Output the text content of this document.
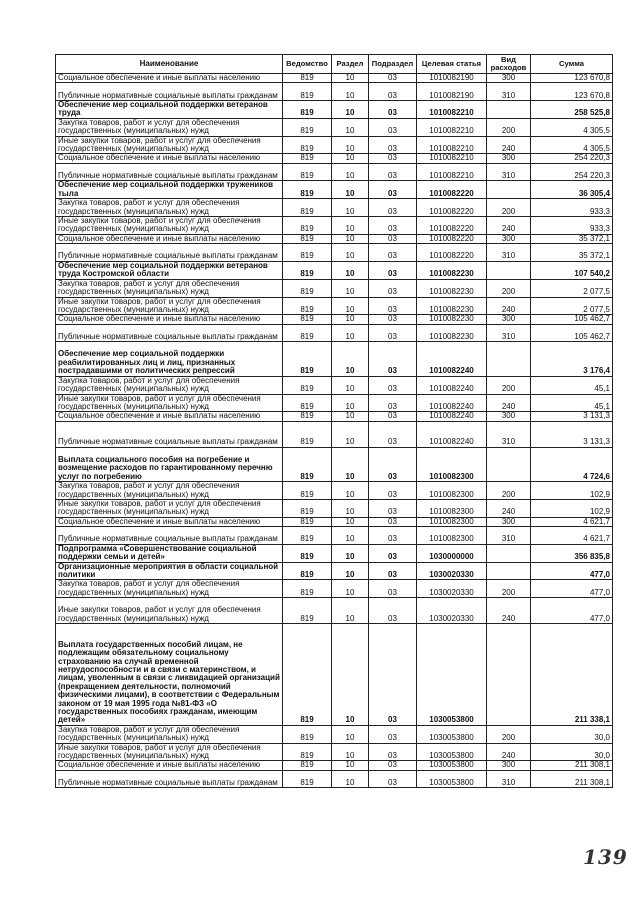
Наименование	Ведомство	Раздел	Подраздел	Целевая статья	Вид расходов	Сумма
Социальное обеспечение и иные выплаты населению	819	10	03	1010082190	300	123 670,8
Публичные нормативные социальные выплаты гражданам	819	10	03	1010082190	310	123 670,8
Обеспечение мер социальной поддержки ветеранов труда	819	10	03	1010082210		258 525,8
Закупка товаров, работ и услуг для обеспечения государственных (муниципальных) нужд	819	10	03	1010082210	200	4 305,5
Иные закупки товаров, работ и услуг для обеспечения государственных (муниципальных) нужд	819	10	03	1010082210	240	4 305,5
Социальное обеспечение и иные выплаты населению	819	10	03	1010082210	300	254 220,3
Публичные нормативные социальные выплаты гражданам	819	10	03	1010082210	310	254 220,3
Обеспечение мер социальной поддержки тружеников тыла	819	10	03	1010082220		36 305,4
Закупка товаров, работ и услуг для обеспечения государственных (муниципальных) нужд	819	10	03	1010082220	200	933,3
Иные закупки товаров, работ и услуг для обеспечения государственных (муниципальных) нужд	819	10	03	1010082220	240	933,3
Социальное обеспечение и иные выплаты населению	819	10	03	1010082220	300	35 372,1
Публичные нормативные социальные выплаты гражданам	819	10	03	1010082220	310	35 372,1
Обеспечение мер социальной поддержки ветеранов труда Костромской области	819	10	03	1010082230		107 540,2
Закупка товаров, работ и услуг для обеспечения государственных (муниципальных) нужд	819	10	03	1010082230	200	2 077,5
Иные закупки товаров, работ и услуг для обеспечения государственных (муниципальных) нужд	819	10	03	1010082230	240	2 077,5
Социальное обеспечение и иные выплаты населению	819	10	03	1010082230	300	105 462,7
Публичные нормативные социальные выплаты гражданам	819	10	03	1010082230	310	105 462,7
Обеспечение мер социальной поддержки реабилитированных лиц и лиц, признанных пострадавшими от политических репрессий	819	10	03	1010082240		3 176,4
Закупка товаров, работ и услуг для обеспечения государственных (муниципальных) нужд	819	10	03	1010082240	200	45,1
Иные закупки товаров, работ и услуг для обеспечения государственных (муниципальных) нужд	819	10	03	1010082240	240	45,1
Социальное обеспечение и иные выплаты населению	819	10	03	1010082240	300	3 131,3
Публичные нормативные социальные выплаты гражданам	819	10	03	1010082240	310	3 131,3
Выплата социального пособия на погребение и возмещение расходов по гарантированному перечню услуг по погребению	819	10	03	1010082300		4 724,6
Закупка товаров, работ и услуг для обеспечения государственных (муниципальных) нужд	819	10	03	1010082300	200	102,9
Иные закупки товаров, работ и услуг для обеспечения государственных (муниципальных) нужд	819	10	03	1010082300	240	102,9
Социальное обеспечение и иные выплаты населению	819	10	03	1010082300	300	4 621,7
Публичные нормативные социальные выплаты гражданам	819	10	03	1010082300	310	4 621,7
Подпрограмма «Совершенствование социальной поддержки семьи и детей»	819	10	03	1030000000		356 835,8
Организационные мероприятия в области социальной политики	819	10	03	1030020330		477,0
Закупка товаров, работ и услуг для обеспечения государственных (муниципальных) нужд	819	10	03	1030020330	200	477,0
Иные закупки товаров, работ и услуг для обеспечения государственных (муниципальных) нужд	819	10	03	1030020330	240	477,0
Выплата государственных пособий лицам, не подлежащим обязательному социальному страхованию на случай временной нетрудоспособности и в связи с материнством, и лицам, уволенным в связи с ликвидацией организаций (прекращением деятельности, полномочий физическими лицами), в соответствии с Федеральным законом от 19 мая 1995 года №81-ФЗ «О государственных пособиях гражданам, имеющим детей»	819	10	03	1030053800		211 338,1
Закупка товаров, работ и услуг для обеспечения государственных (муниципальных) нужд	819	10	03	1030053800	200	30,0
Иные закупки товаров, работ и услуг для обеспечения государственных (муниципальных) нужд	819	10	03	1030053800	240	30,0
Социальное обеспечение и иные выплаты населению	819	10	03	1030053800	300	211 308,1
Публичные нормативные социальные выплаты гражданам	819	10	03	1030053800	310	211 308,1
139
